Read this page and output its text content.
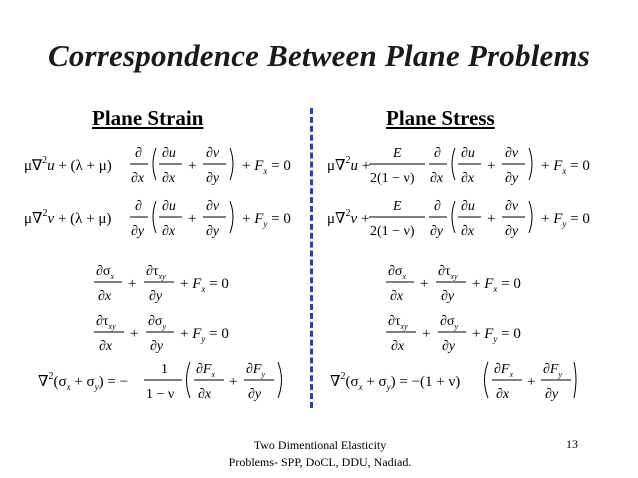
Correspondence Between Plane Problems
Plane Strain	Plane Stress
μ∇$^2$u + (λ + μ)
∂
∂x
∂u
∂x
+
∂v
∂y
+ $F_x = 0$
μ∇$^2$v + (λ + μ)
∂
∂y
∂u
∂x
+
∂v
∂y
+ $F_y = 0$
$\partial\sigma_x$
∂x
+
$\partial\tau_{xy}$
∂y
+ $F_x = 0$
$\partial\tau_{xy}$
∂x
+
$\partial\sigma_y$
∂y
+ $F_y = 0$
$\nabla^2(\sigma_x + \sigma_y)$ = −
1
1 − ν
$\partial F_x$
∂x
+
$\partial F_y$
∂y
μ∇$^2$u +
E
2(1 − ν)
∂
∂x
∂u
∂x
+
∂v
∂y
+ $F_x = 0$
μ∇$^2$v +
E
2(1 − ν)
∂
∂y
∂u
∂x
+
∂v
∂y
+ $F_y = 0$
$\partial\sigma_x$
∂x
+
$\partial\tau_{xy}$
∂y
+ $F_x = 0$
$\partial\tau_{xy}$
∂x
+
$\partial\sigma_y$
∂y
+ $F_y = 0$
$\nabla^2(\sigma_x + \sigma_y) = -(1 + \nu)$
$\partial F_x$
∂x
+
$\partial F_y$
∂y
Two Dimentional Elasticity
Problems- SPP, DoCL, DDU, Nadiad.
13
